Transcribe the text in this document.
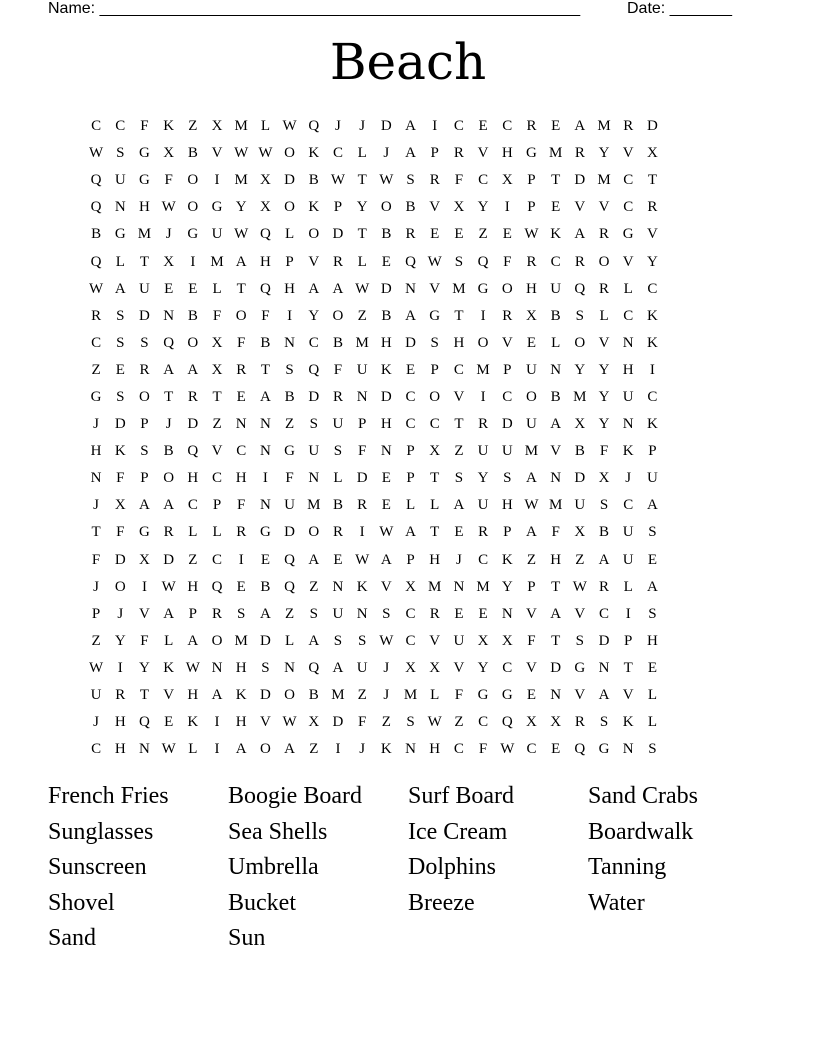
Name: ______________________________________________________	Date: _______
Beach
C	C	F	K	Z	X	M	L	W	Q	J	J	D	A	I	C	E	C	R	E	A	M	R	D
W	S	G	X	B	V	W	W	O	K	C	L	J	A	P	R	V	H	G	M	R	Y	V	X
Q	U	G	F	O	I	M	X	D	B	W	T	W	S	R	F	C	X	P	T	D	M	C	T
Q	N	H	W	O	G	Y	X	O	K	P	Y	O	B	V	X	Y	I	P	E	V	V	C	R
B	G	M	J	G	U	W	Q	L	O	D	T	B	R	E	E	Z	E	W	K	A	R	G	V
Q	L	T	X	I	M	A	H	P	V	R	L	E	Q	W	S	Q	F	R	C	R	O	V	Y
W	A	U	E	E	L	T	Q	H	A	A	W	D	N	V	M	G	O	H	U	Q	R	L	C
R	S	D	N	B	F	O	F	I	Y	O	Z	B	A	G	T	I	R	X	B	S	L	C	K
C	S	S	Q	O	X	F	B	N	C	B	M	H	D	S	H	O	V	E	L	O	V	N	K
Z	E	R	A	A	X	R	T	S	Q	F	U	K	E	P	C	M	P	U	N	Y	Y	H	I
G	S	O	T	R	T	E	A	B	D	R	N	D	C	O	V	I	C	O	B	M	Y	U	C
J	D	P	J	D	Z	N	N	Z	S	U	P	H	C	C	T	R	D	U	A	X	Y	N	K
H	K	S	B	Q	V	C	N	G	U	S	F	N	P	X	Z	U	U	M	V	B	F	K	P
N	F	P	O	H	C	H	I	F	N	L	D	E	P	T	S	Y	S	A	N	D	X	J	U
J	X	A	A	C	P	F	N	U	M	B	R	E	L	L	A	U	H	W	M	U	S	C	A
T	F	G	R	L	L	R	G	D	O	R	I	W	A	T	E	R	P	A	F	X	B	U	S
F	D	X	D	Z	C	I	E	Q	A	E	W	A	P	H	J	C	K	Z	H	Z	A	U	E
J	O	I	W	H	Q	E	B	Q	Z	N	K	V	X	M	N	M	Y	P	T	W	R	L	A
P	J	V	A	P	R	S	A	Z	S	U	N	S	C	R	E	E	N	V	A	V	C	I	S
Z	Y	F	L	A	O	M	D	L	A	S	S	W	C	V	U	X	X	F	T	S	D	P	H
W	I	Y	K	W	N	H	S	N	Q	A	U	J	X	X	V	Y	C	V	D	G	N	T	E
U	R	T	V	H	A	K	D	O	B	M	Z	J	M	L	F	G	G	E	N	V	A	V	L
J	H	Q	E	K	I	H	V	W	X	D	F	Z	S	W	Z	C	Q	X	X	R	S	K	L
C	H	N	W	L	I	A	O	A	Z	I	J	K	N	H	C	F	W	C	E	Q	G	N	S
French Fries	Boogie Board	Surf Board	Sand Crabs
Sunglasses	Sea Shells	Ice Cream	Boardwalk
Sunscreen	Umbrella	Dolphins	Tanning
Shovel	Bucket	Breeze	Water
Sand	Sun
